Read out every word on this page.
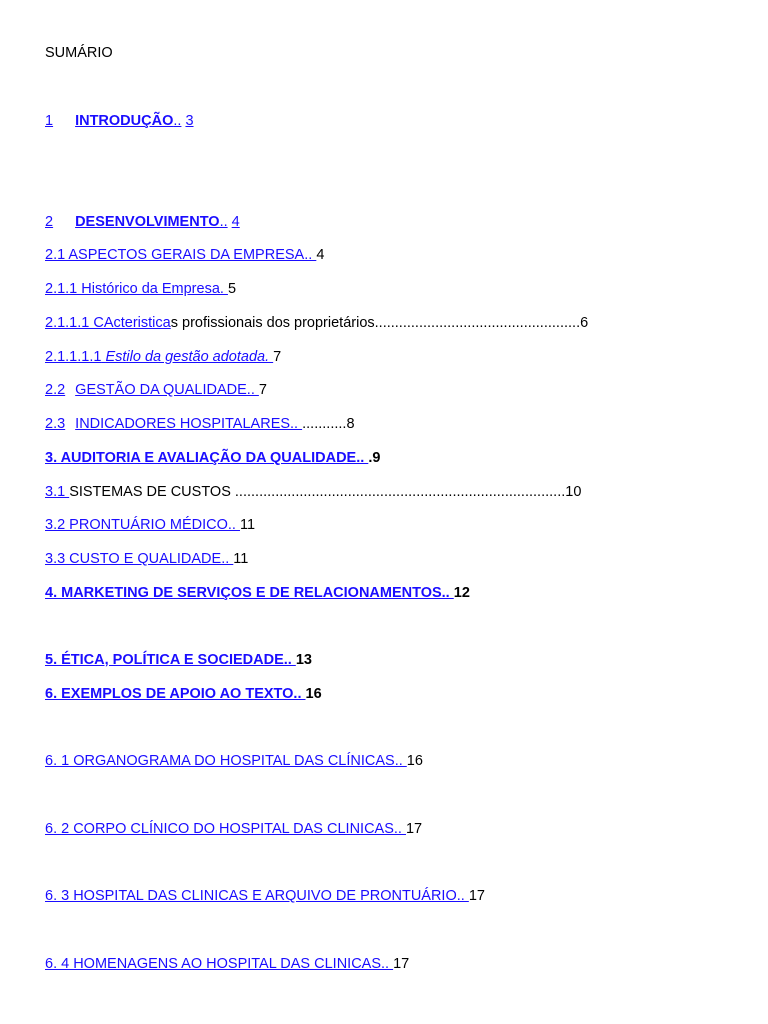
SUMÁRIO
1 INTRODUÇÃO.. 3
2 DESENVOLVIMENTO.. 4
2.1 ASPECTOS GERAIS DA EMPRESA.. 4
2.1.1 Histórico da Empresa. 5
2.1.1.1 CActeristicas profissionais dos proprietários...................................................6
2.1.1.1.1 Estilo da gestão adotada. 7
2.2 GESTÃO DA QUALIDADE.. 7
2.3 INDICADORES HOSPITALARES.. ...........8
3. AUDITORIA E AVALIAÇÃO DA QUALIDADE.. .9
3.1 SISTEMAS DE CUSTOS ..................................................................................10
3.2 PRONTUÁRIO MÉDICO.. 11
3.3 CUSTO E QUALIDADE.. 11
4. MARKETING DE SERVIÇOS E DE RELACIONAMENTOS.. 12
5. ÉTICA, POLÍTICA E SOCIEDADE.. 13
6. EXEMPLOS DE APOIO AO TEXTO.. 16
6. 1 ORGANOGRAMA DO HOSPITAL DAS CLÍNICAS.. 16
6. 2 CORPO CLÍNICO DO HOSPITAL DAS CLINICAS.. 17
6. 3 HOSPITAL DAS CLINICAS E ARQUIVO DE PRONTUÁRIO.. 17
6. 4 HOMENAGENS AO HOSPITAL DAS CLINICAS.. 17
